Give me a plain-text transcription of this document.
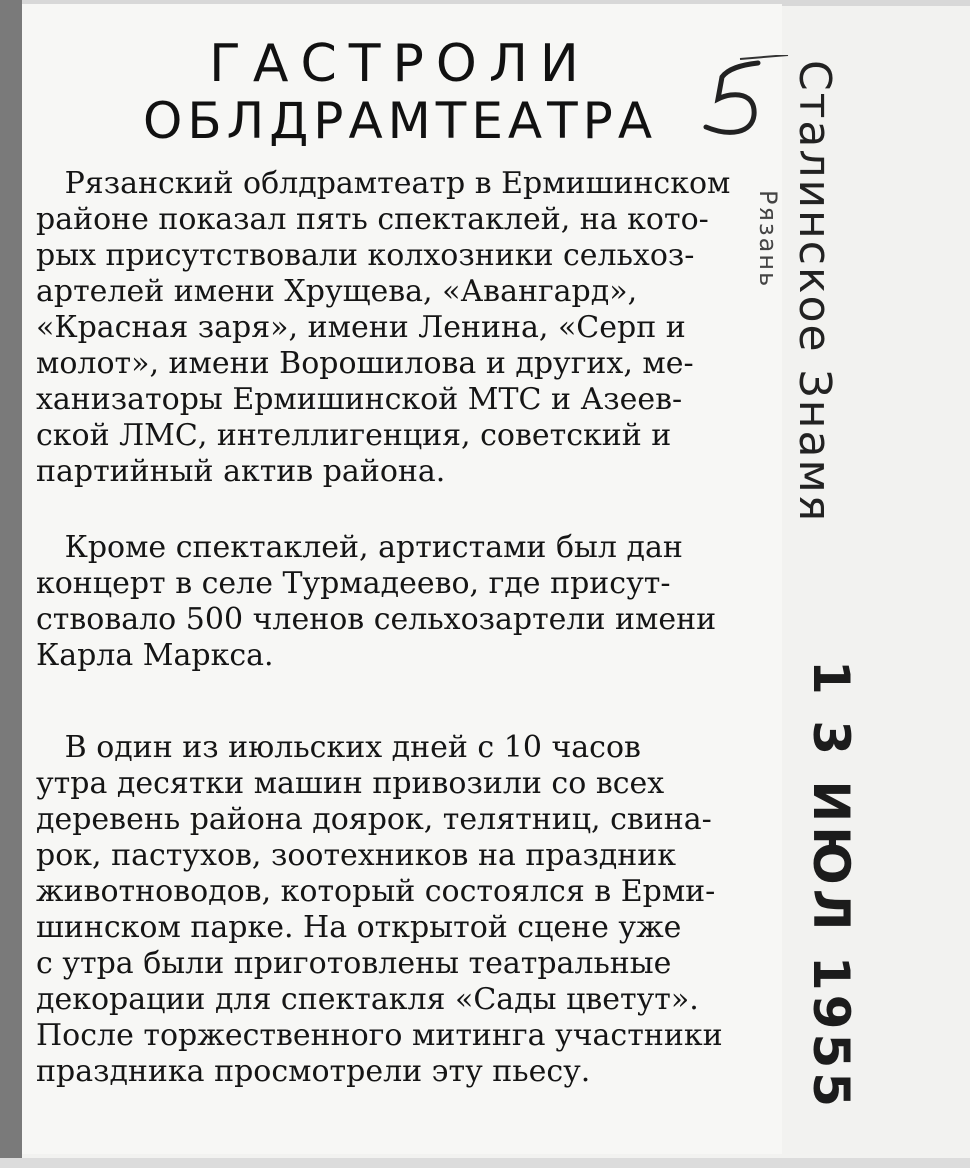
ГАСТРОЛИ
ОБЛДРАМТЕАТРА
Рязанский облдрамтеатр в Ермишинском
районе показал пять спектаклей, на кото-
рых присутствовали колхозники сельхоз-
артелей имени Хрущева, «Авангард»,
«Красная заря», имени Ленина, «Серп и
молот», имени Ворошилова и других, ме-
ханизаторы Ермишинской МТС и Азеев-
ской ЛМС, интеллигенция, советский и
партийный актив района.
Кроме спектаклей, артистами был дан
концерт в селе Турмадеево, где присут-
ствовало 500 членов сельхозартели имени
Карла Маркса.
В один из июльских дней с 10 часов
утра десятки машин привозили со всех
деревень района доярок, телятниц, свина-
рок, пастухов, зоотехников на праздник
животноводов, который состоялся в Ерми-
шинском парке. На открытой сцене уже
с утра были приготовлены театральные
декорации для спектакля «Сады цветут».
После торжественного митинга участники
праздника просмотрели эту пьесу.
Сталинское Знамя
Рязань
1 3 ИЮЛ 1955
